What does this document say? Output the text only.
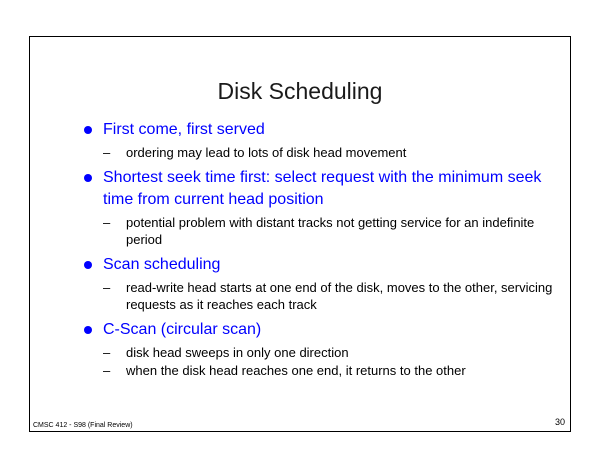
Disk Scheduling
First come, first served
– ordering may lead to lots of disk head movement
Shortest seek time first: select request with the minimum seek time from current head position
– potential problem with distant tracks not getting service for an indefinite period
Scan scheduling
– read-write head starts at one end of the disk, moves to the other, servicing requests as it reaches each track
C-Scan (circular scan)
– disk head sweeps in only one direction
– when the disk head reaches one end, it returns to the other
CMSC 412 - S98 (Final Review)	30
